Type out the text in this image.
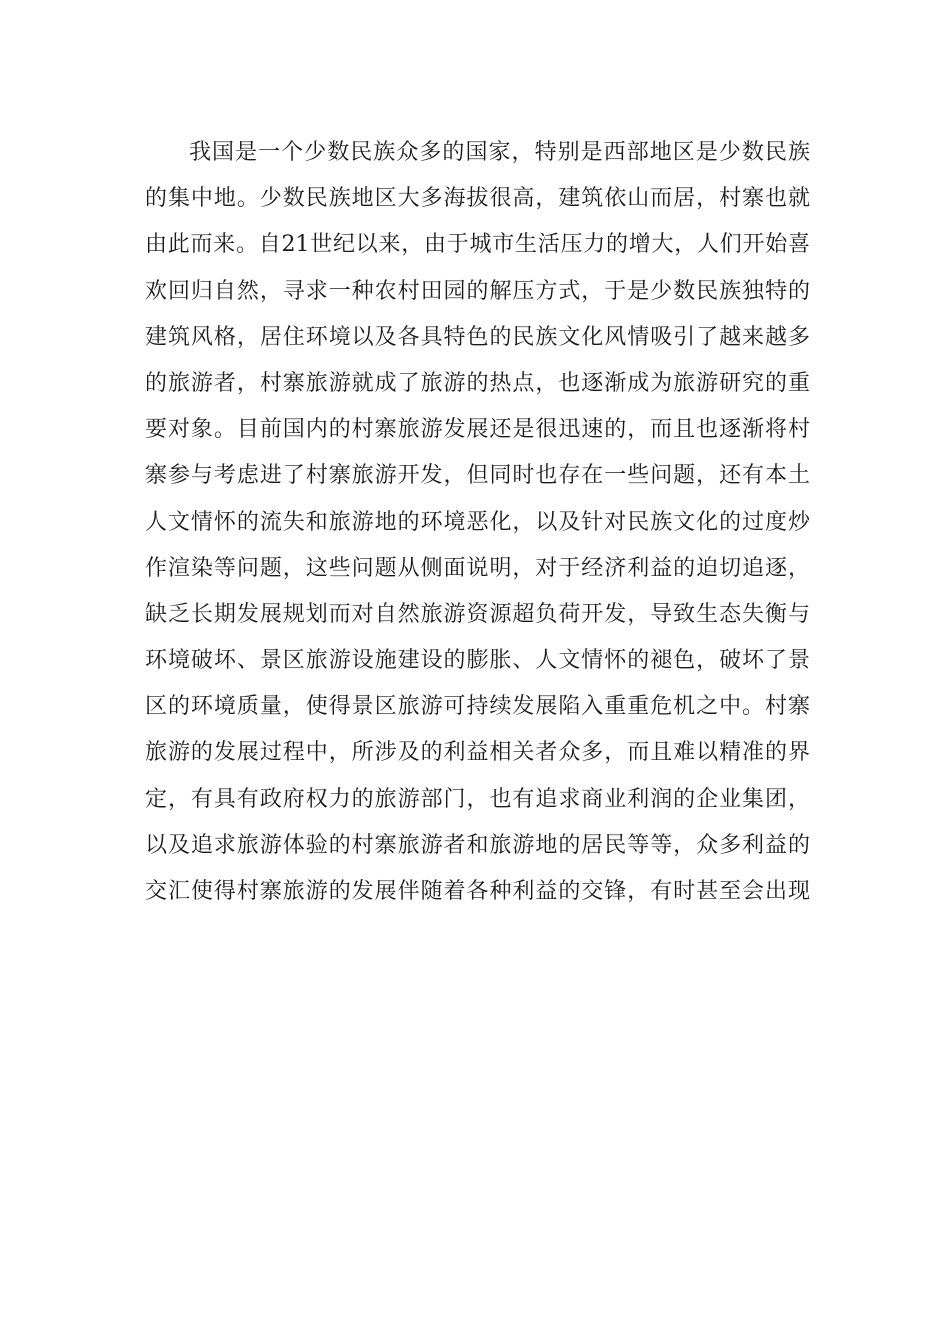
我国是一个少数民族众多的国家，特别是西部地区是少数民族
的集中地。少数民族地区大多海拔很高，建筑依山而居，村寨也就
由此而来。自21世纪以来，由于城市生活压力的增大，人们开始喜
欢回归自然，寻求一种农村田园的解压方式，于是少数民族独特的
建筑风格，居住环境以及各具特色的民族文化风情吸引了越来越多
的旅游者，村寨旅游就成了旅游的热点，也逐渐成为旅游研究的重
要对象。目前国内的村寨旅游发展还是很迅速的，而且也逐渐将村
寨参与考虑进了村寨旅游开发，但同时也存在一些问题，还有本土
人文情怀的流失和旅游地的环境恶化，以及针对民族文化的过度炒
作渲染等问题，这些问题从侧面说明，对于经济利益的迫切追逐，
缺乏长期发展规划而对自然旅游资源超负荷开发，导致生态失衡与
环境破坏、景区旅游设施建设的膨胀、人文情怀的褪色，破坏了景
区的环境质量，使得景区旅游可持续发展陷入重重危机之中。村寨
旅游的发展过程中，所涉及的利益相关者众多，而且难以精准的界
定，有具有政府权力的旅游部门，也有追求商业利润的企业集团，
以及追求旅游体验的村寨旅游者和旅游地的居民等等，众多利益的
交汇使得村寨旅游的发展伴随着各种利益的交锋，有时甚至会出现
